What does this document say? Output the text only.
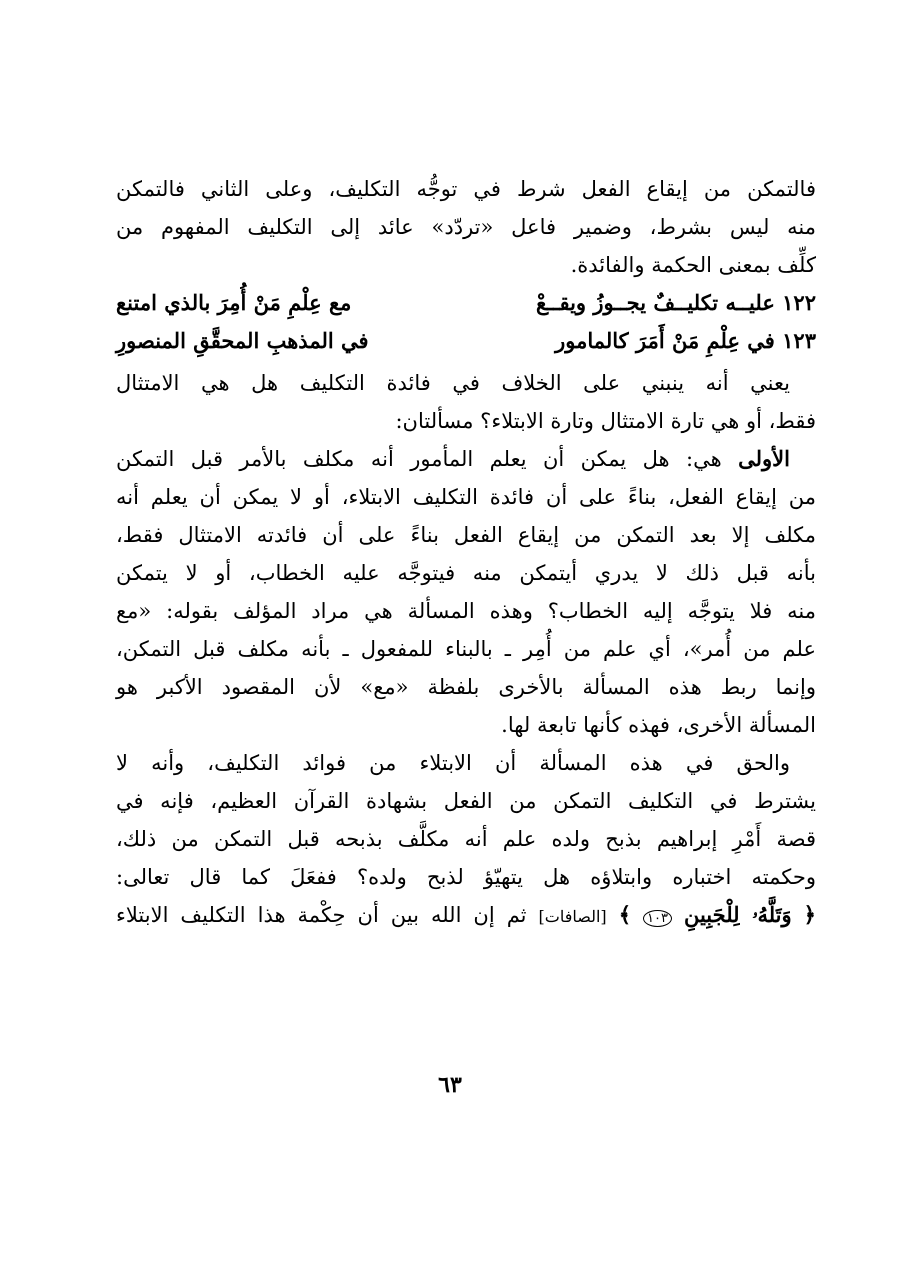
فالتمكن من إيقاع الفعل شرط في توجُّه التكليف، وعلى الثاني فالتمكن
منه ليس بشرط، وضمير فاعل «تردّد» عائد إلى التكليف المفهوم من
كلِّف بمعنى الحكمة والفائدة.
١٢٢ عليــه تكليــفٌ يجــوزُ ويقــعْ
مع عِلْمِ مَنْ أُمِرَ بالذي امتنع
١٢٣ في عِلْمِ مَنْ أَمَرَ كالمامور
في المذهبِ المحقَّقِ المنصورِ
يعني أنه ينبني على الخلاف في فائدة التكليف هل هي الامتثال
فقط، أو هي تارة الامتثال وتارة الابتلاء؟ مسألتان:
الأولى هي: هل يمكن أن يعلم المأمور أنه مكلف بالأمر قبل التمكن
من إيقاع الفعل، بناءً على أن فائدة التكليف الابتلاء، أو لا يمكن أن يعلم أنه
مكلف إلا بعد التمكن من إيقاع الفعل بناءً على أن فائدته الامتثال فقط،
بأنه قبل ذلك لا يدري أيتمكن منه فيتوجَّه عليه الخطاب، أو لا يتمكن
منه فلا يتوجَّه إليه الخطاب؟ وهذه المسألة هي مراد المؤلف بقوله: «مع
علم من أُمر»، أي علم من أُمِر ـ بالبناء للمفعول ـ بأنه مكلف قبل التمكن،
وإنما ربط هذه المسألة بالأخرى بلفظة «مع» لأن المقصود الأكبر هو
المسألة الأخرى، فهذه كأنها تابعة لها.
والحق في هذه المسألة أن الابتلاء من فوائد التكليف، وأنه لا
يشترط في التكليف التمكن من الفعل بشهادة القرآن العظيم، فإنه في
قصة أَمْرِ إبراهيم بذبح ولده علم أنه مكلَّف بذبحه قبل التمكن من ذلك،
وحكمته اختباره وابتلاؤه هل يتهيّؤ لذبح ولده؟ ففعَلَ كما قال تعالى:
﴿ وَتَلَّهُۥ لِلْجَبِينِ ١٠٣ ﴾ [الصافات] ثم إن الله بين أن حِكْمة هذا التكليف الابتلاء
٦٣
